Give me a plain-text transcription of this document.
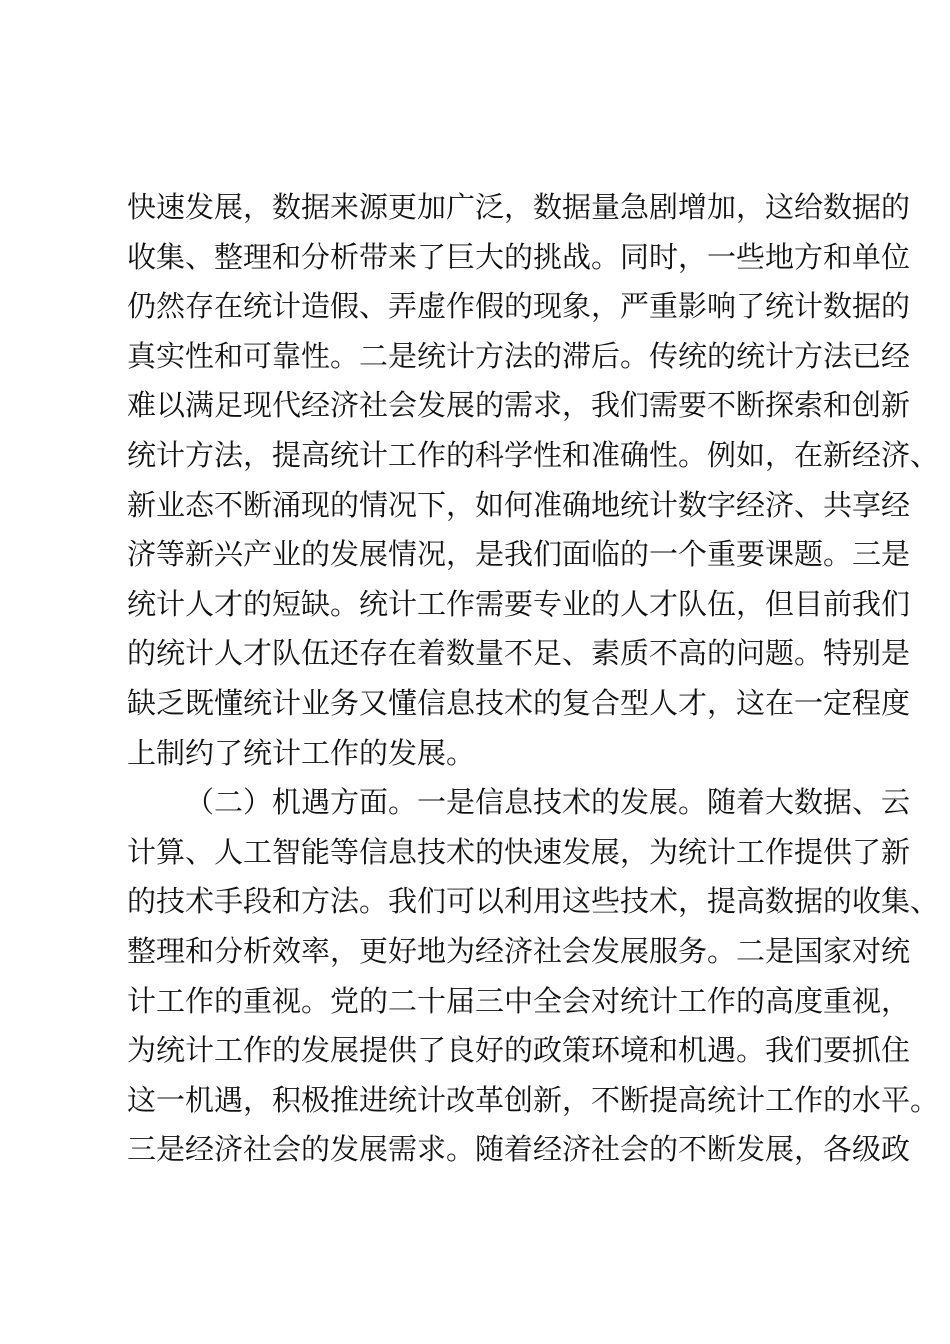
快速发展，数据来源更加广泛，数据量急剧增加，这给数据的
收集、整理和分析带来了巨大的挑战。同时，一些地方和单位
仍然存在统计造假、弄虚作假的现象，严重影响了统计数据的
真实性和可靠性。二是统计方法的滞后。传统的统计方法已经
难以满足现代经济社会发展的需求，我们需要不断探索和创新
统计方法，提高统计工作的科学性和准确性。例如，在新经济、
新业态不断涌现的情况下，如何准确地统计数字经济、共享经
济等新兴产业的发展情况，是我们面临的一个重要课题。三是
统计人才的短缺。统计工作需要专业的人才队伍，但目前我们
的统计人才队伍还存在着数量不足、素质不高的问题。特别是
缺乏既懂统计业务又懂信息技术的复合型人才，这在一定程度
上制约了统计工作的发展。
（二）机遇方面。一是信息技术的发展。随着大数据、云
计算、人工智能等信息技术的快速发展，为统计工作提供了新
的技术手段和方法。我们可以利用这些技术，提高数据的收集、
整理和分析效率，更好地为经济社会发展服务。二是国家对统
计工作的重视。党的二十届三中全会对统计工作的高度重视，
为统计工作的发展提供了良好的政策环境和机遇。我们要抓住
这一机遇，积极推进统计改革创新，不断提高统计工作的水平。
三是经济社会的发展需求。随着经济社会的不断发展，各级政
